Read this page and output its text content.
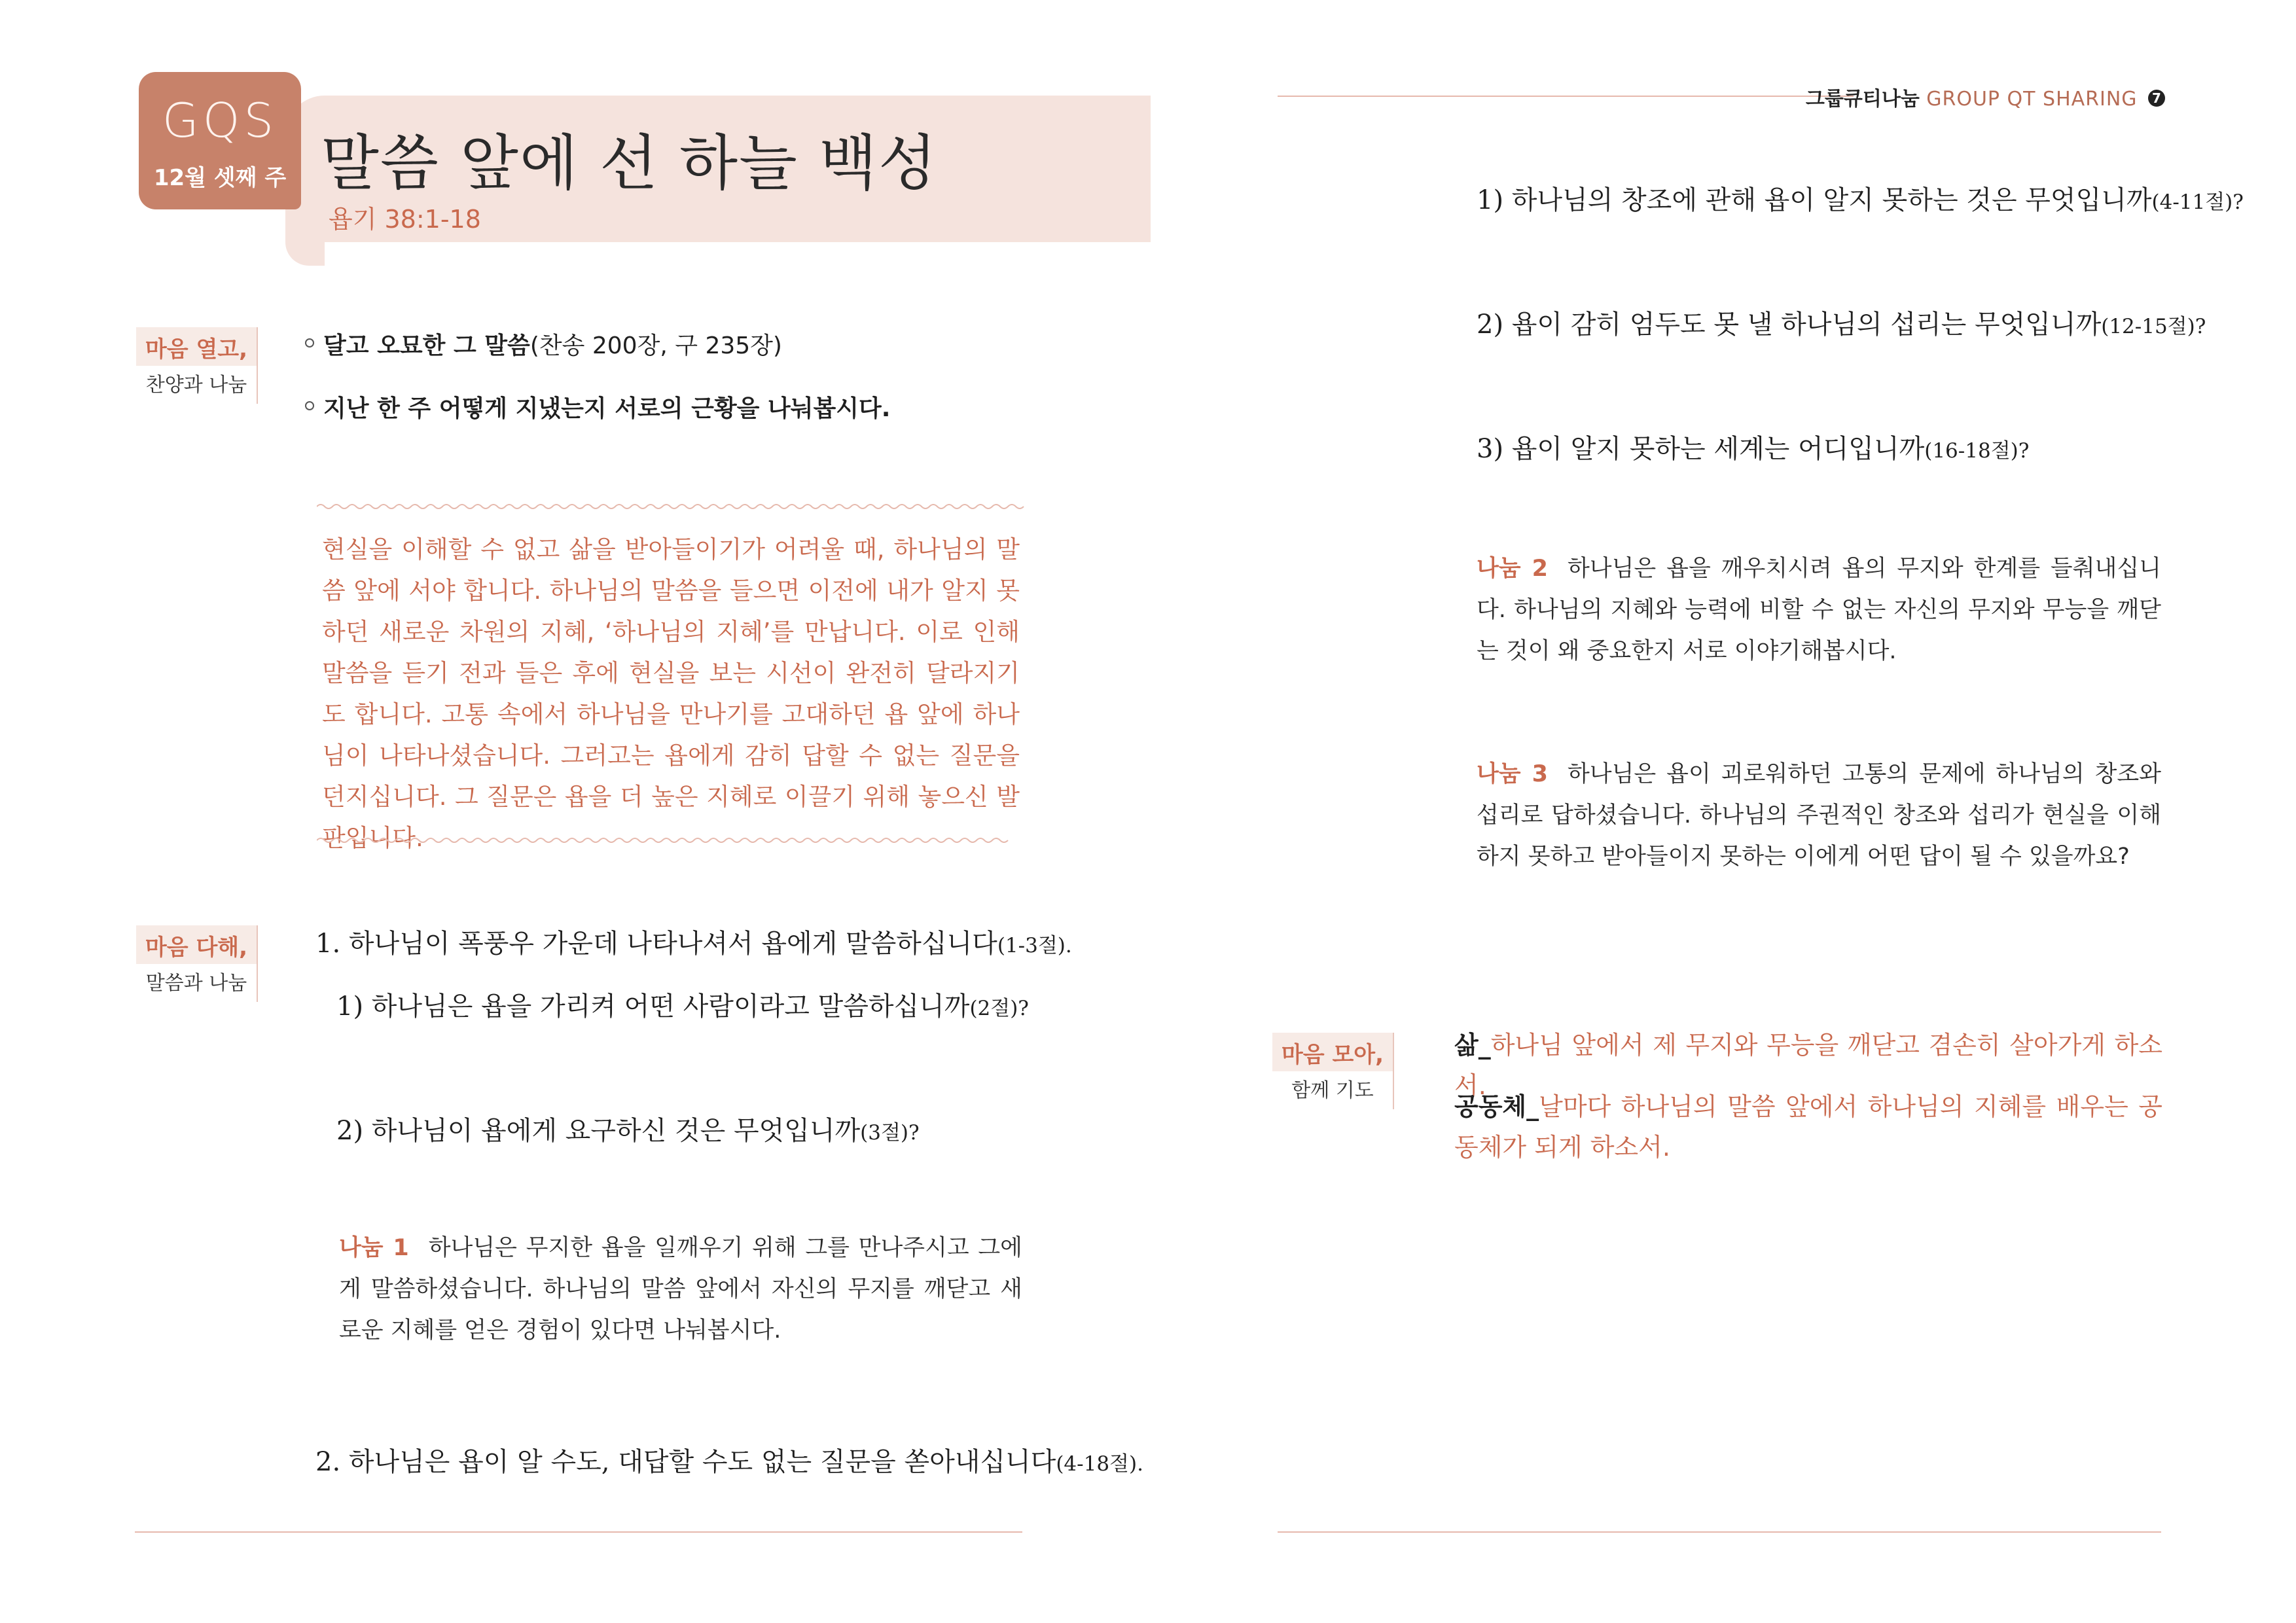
GQS
12월 셋째 주 말씀 앞에 선 하늘 백성
욥기 38:1-18
마음 열고,
찬양과 나눔
달고 오묘한 그 말씀(찬송 200장, 구 235장)
지난 한 주 어떻게 지냈는지 서로의 근황을 나눠봅시다.
현실을 이해할 수 없고 삶을 받아들이기가 어려울 때, 하나님의 말씀 앞에 서야 합니다. 하나님의 말씀을 들으면 이전에 내가 알지 못하던 새로운 차원의 지혜, ‘하나님의 지혜’를 만납니다. 이로 인해 말씀을 듣기 전과 들은 후에 현실을 보는 시선이 완전히 달라지기도 합니다. 고통 속에서 하나님을 만나기를 고대하던 욥 앞에 하나님이 나타나셨습니다. 그러고는 욥에게 감히 답할 수 없는 질문을 던지십니다. 그 질문은 욥을 더 높은 지혜로 이끌기 위해 놓으신 발판입니다.
마음 다해,
말씀과 나눔
1. 하나님이 폭풍우 가운데 나타나셔서 욥에게 말씀하십니다(1-3절).
1) 하나님은 욥을 가리켜 어떤 사람이라고 말씀하십니까(2절)?
2) 하나님이 욥에게 요구하신 것은 무엇입니까(3절)?
나눔 1 하나님은 무지한 욥을 일깨우기 위해 그를 만나주시고 그에게 말씀하셨습니다. 하나님의 말씀 앞에서 자신의 무지를 깨닫고 새로운 지혜를 얻은 경험이 있다면 나눠봅시다.
2. 하나님은 욥이 알 수도, 대답할 수도 없는 질문을 쏟아내십니다(4-18절).
그룹큐티나눔 GROUP QT SHARING 7
1) 하나님의 창조에 관해 욥이 알지 못하는 것은 무엇입니까(4-11절)?
2) 욥이 감히 엄두도 못 낼 하나님의 섭리는 무엇입니까(12-15절)?
3) 욥이 알지 못하는 세계는 어디입니까(16-18절)?
나눔 2 하나님은 욥을 깨우치시려 욥의 무지와 한계를 들춰내십니다. 하나님의 지혜와 능력에 비할 수 없는 자신의 무지와 무능을 깨닫는 것이 왜 중요한지 서로 이야기해봅시다.
나눔 3 하나님은 욥이 괴로워하던 고통의 문제에 하나님의 창조와 섭리로 답하셨습니다. 하나님의 주권적인 창조와 섭리가 현실을 이해하지 못하고 받아들이지 못하는 이에게 어떤 답이 될 수 있을까요?
마음 모아,
함께 기도
삶_하나님 앞에서 제 무지와 무능을 깨닫고 겸손히 살아가게 하소서.
공동체_날마다 하나님의 말씀 앞에서 하나님의 지혜를 배우는 공동체가 되게 하소서.
